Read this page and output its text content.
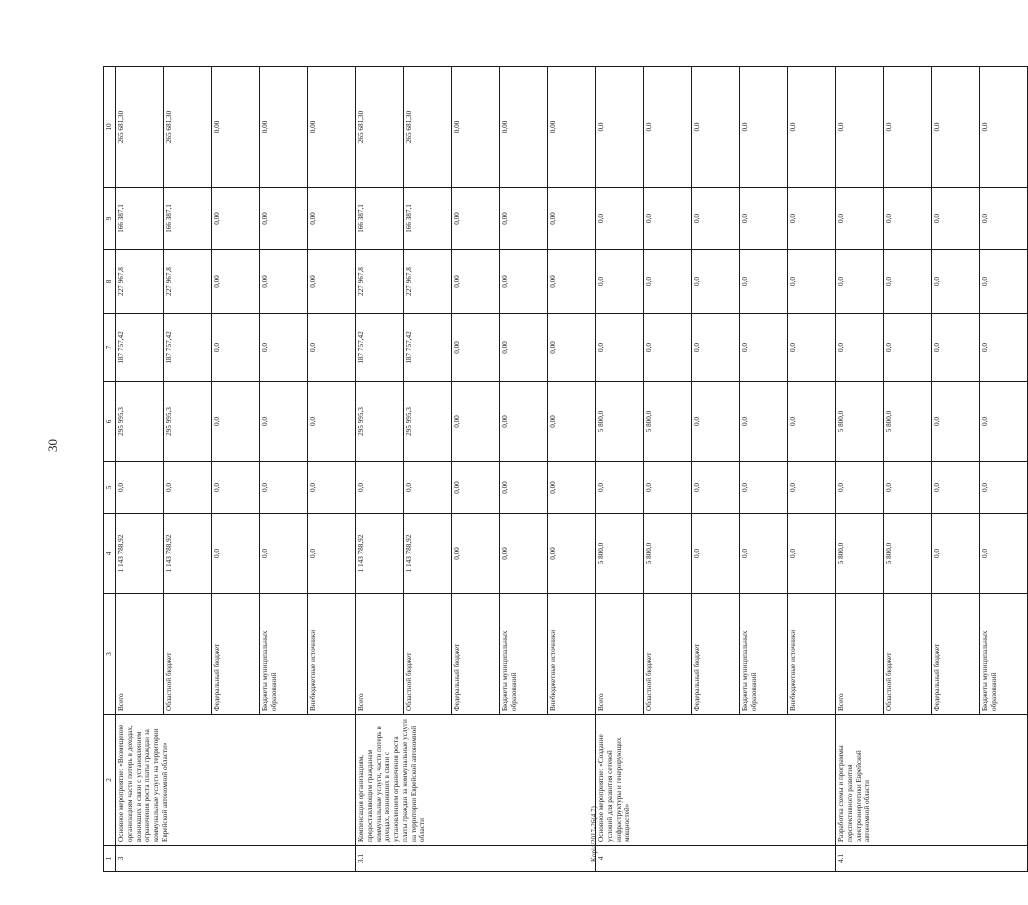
30
1	2	3	4	5	6	7	8	9	10
3	Основное мероприятие: «Возмещение организациям части потерь в доходах, возникших в связи с установлением ограничения роста платы граждан за коммунальные услуги на территории Еврейской автономной области»	Всего	1 143 788,92	0,0	295 995,3	187 757,42	227 967,8	166 387,1	265 681,30
		Областной бюджет	1 143 788,92	0,0	295 995,3	187 757,42	227 967,8	166 387,1	265 681,30
		Федеральный бюджет	0,0	0,0	0,0	0,0	0,00	0,00	0,00
		Бюджеты муниципальных образований	0,0	0,0	0,0	0,0	0,00	0,00	0,00
		Внебюджетные источники	0,0	0,0	0,0	0,0	0,00	0,00	0,00
3.1	Компенсация организациям, предоставляющим гражданам коммунальные услуги, части потерь в доходах, возникших в связи с установлением ограничения роста платы граждан за коммунальные услуги на территории Еврейской автономной области	Всего	1 143 788,92	0,0	295 995,3	187 757,42	227 967,8	166 387,1	265 681,30
		Областной бюджет	1 143 788,92	0,0	295 995,3	187 757,42	227 967,8	166 387,1	265 681,30
		Федеральный бюджет	0,00	0,00	0,00	0,00	0,00	0,00	0,00
		Бюджеты муниципальных образований	0,00	0,00	0,00	0,00	0,00	0,00	0,00
		Внебюджетные источники	0,00	0,00	0,00	0,00	0,00	0,00	0,00
4	Основное мероприятие: «Создание условий для развития сетевой инфраструктуры и генерирующих мощностей»	Всего	5 800,0	0,0	5 800,0	0,0	0,0	0,0	0,0
		Областной бюджет	5 800,0	0,0	5 800,0	0,0	0,0	0,0	0,0
		Федеральный бюджет	0,0	0,0	0,0	0,0	0,0	0,0	0,0
		Бюджеты муниципальных образований	0,0	0,0	0,0	0,0	0,0	0,0	0,0
		Внебюджетные источники	0,0	0,0	0,0	0,0	0,0	0,0	0,0
4.1	Разработка схемы и программы перспективного развития электроэнергетики Еврейской автономной области	Всего	5 800,0	0,0	5 800,0	0,0	0,0	0,0	0,0
		Областной бюджет	5 800,0	0,0	5 800,0	0,0	0,0	0,0	0,0
		Федеральный бюджет	0,0	0,0	0,0	0,0	0,0	0,0	0,0
		Бюджеты муниципальных образований	0,0	0,0	0,0	0,0	0,0	0,0	0,0
Kopia/2017-26(4,7)
